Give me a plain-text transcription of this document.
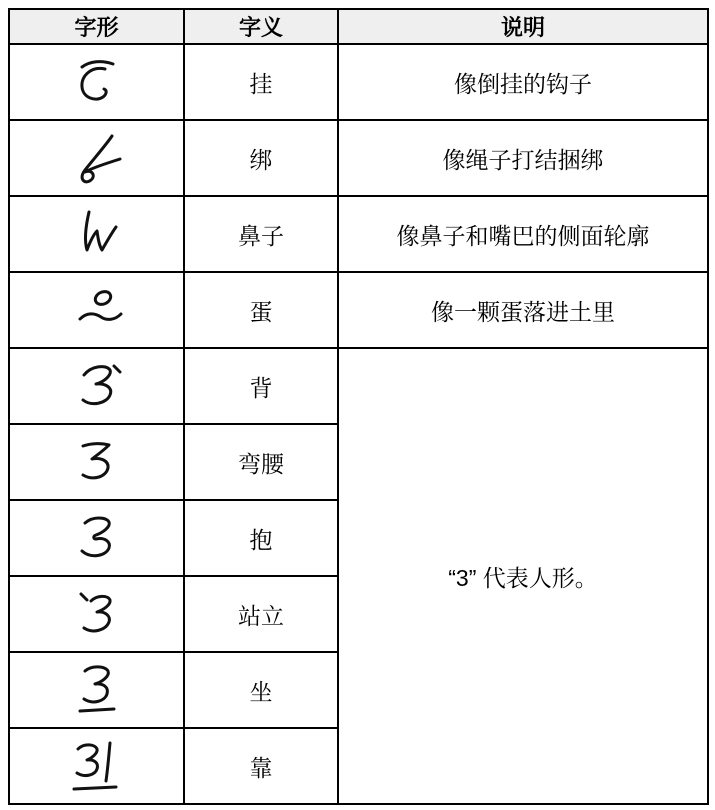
字形	字义	说明

	挂	像倒挂的钩子

	绑	像绳子打结捆绑

	鼻子	像鼻子和嘴巴的侧面轮廓

	蛋	像一颗蛋落进土里

	背	“3” 代表人形。

	弯腰	

	抱	

	站立	

	坐	

	靠	
